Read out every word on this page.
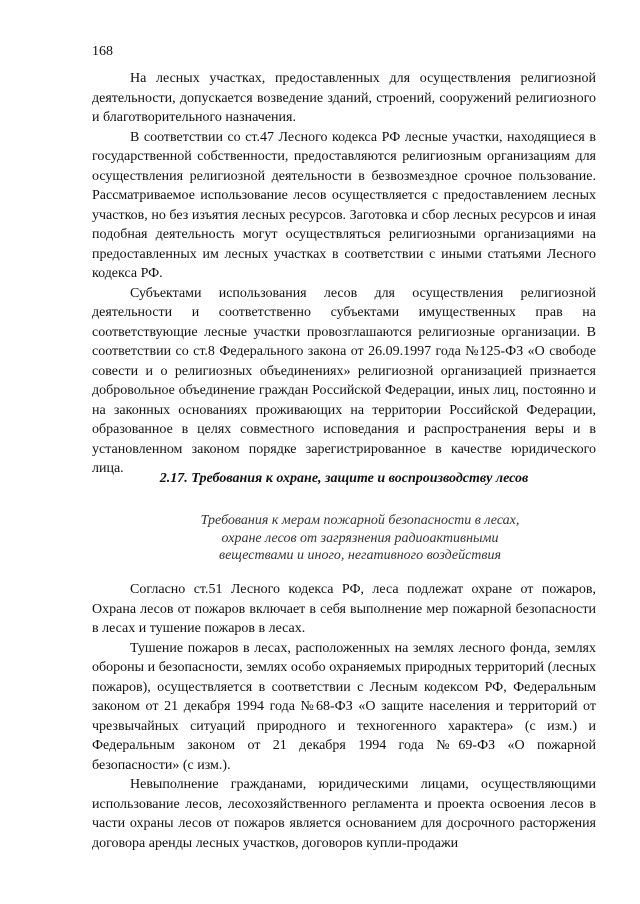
168

На лесных участках, предоставленных для осуществления религиозной деятельности, допускается возведение зданий, строений, сооружений религиозного и благотворительного назначения.

В соответствии со ст.47 Лесного кодекса РФ лесные участки, находящиеся в государственной собственности, предоставляются религиозным организациям для осуществления религиозной деятельности в безвозмездное срочное пользование. Рассматриваемое использование лесов осуществляется с предоставлением лесных участков, но без изъятия лесных ресурсов. Заготовка и сбор лесных ресурсов и иная подобная деятельность могут осуществляться религиозными организациями на предоставленных им лесных участках в соответствии с иными статьями Лесного кодекса РФ.

Субъектами использования лесов для осуществления религиозной деятельности и соответственно субъектами имущественных прав на соответствующие лесные участки провозглашаются религиозные организации. В соответствии со ст.8 Федерального закона от 26.09.1997 года №125-ФЗ «О свободе совести и о религиозных объединениях» религиозной организацией признается добровольное объединение граждан Российской Федерации, иных лиц, постоянно и на законных основаниях проживающих на территории Российской Федерации, образованное в целях совместного исповедания и распространения веры и в установленном законом порядке зарегистрированное в качестве юридического лица.

2.17. Требования к охране, защите и воспроизводству лесов
Требования к мерам пожарной безопасности в лесах,
охране лесов от загрязнения радиоактивными
веществами и иного, негативного воздействия

Согласно ст.51 Лесного кодекса РФ, леса подлежат охране от пожаров, Охрана лесов от пожаров включает в себя выполнение мер пожарной безопасности в лесах и тушение пожаров в лесах.

Тушение пожаров в лесах, расположенных на землях лесного фонда, землях обороны и безопасности, землях особо охраняемых природных территорий (лесных пожаров), осуществляется в соответствии с Лесным кодексом РФ, Федеральным законом от 21 декабря 1994 года №68-ФЗ «О защите населения и территорий от чрезвычайных ситуаций природного и техногенного характера» (с изм.) и Федеральным законом от 21 декабря 1994 года №69-ФЗ «О пожарной безопасности» (с изм.).

Невыполнение гражданами, юридическими лицами, осуществляющими использование лесов, лесохозяйственного регламента и проекта освоения лесов в части охраны лесов от пожаров является основанием для досрочного расторжения договора аренды лесных участков, договоров купли-продажи
